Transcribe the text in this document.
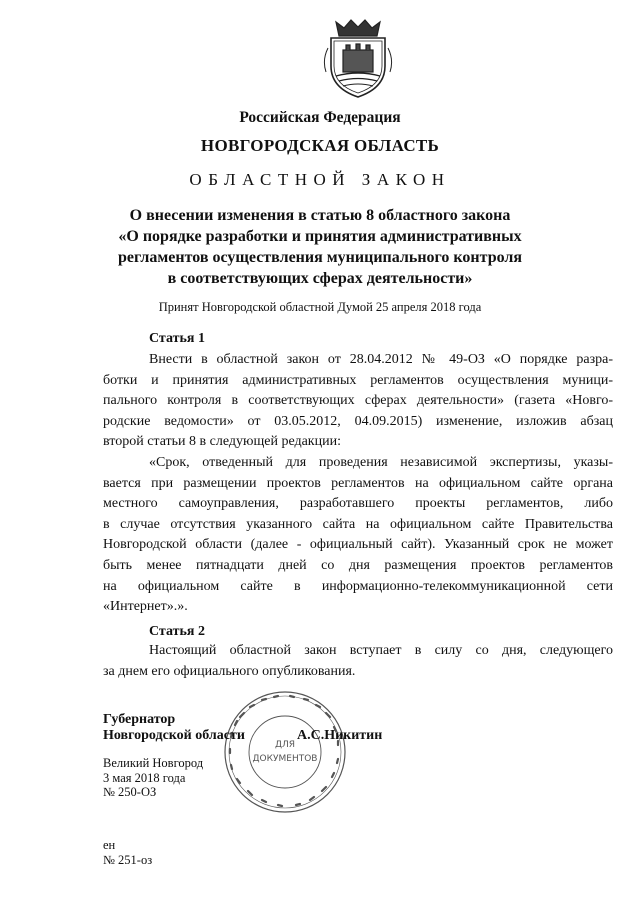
Российская Федерация
НОВГОРОДСКАЯ ОБЛАСТЬ
ОБЛАСТНОЙ ЗАКОН
О внесении изменения в статью 8 областного закона
«О порядке разработки и принятия административных
регламентов осуществления муниципального контроля
в соответствующих сферах деятельности»
Принят Новгородской областной Думой 25 апреля 2018 года
Статья 1
Внести в областной закон от 28.04.2012 № 49-ОЗ «О порядке разра-
ботки и принятия административных регламентов осуществления муници-
пального контроля в соответствующих сферах деятельности» (газета «Новго-
родские ведомости» от 03.05.2012, 04.09.2015) изменение, изложив абзац
второй статьи 8 в следующей редакции:
«Срок, отведенный для проведения независимой экспертизы, указы-
вается при размещении проектов регламентов на официальном сайте органа
местного самоуправления, разработавшего проекты регламентов, либо
в случае отсутствия указанного сайта на официальном сайте Правительства
Новгородской области (далее - официальный сайт). Указанный срок не может
быть менее пятнадцати дней со дня размещения проектов регламентов
на официальном сайте в информационно-телекоммуникационной сети
«Интернет».».
Статья 2
Настоящий областной закон вступает в силу со дня, следующего
за днем его официального опубликования.
ДЛЯ
ДОКУМЕНТОВ
Губернатор
Новгородской области	А.С.Никитин
Великий Новгород
3 мая 2018 года
№ 250-ОЗ
ен
№ 251-оз
